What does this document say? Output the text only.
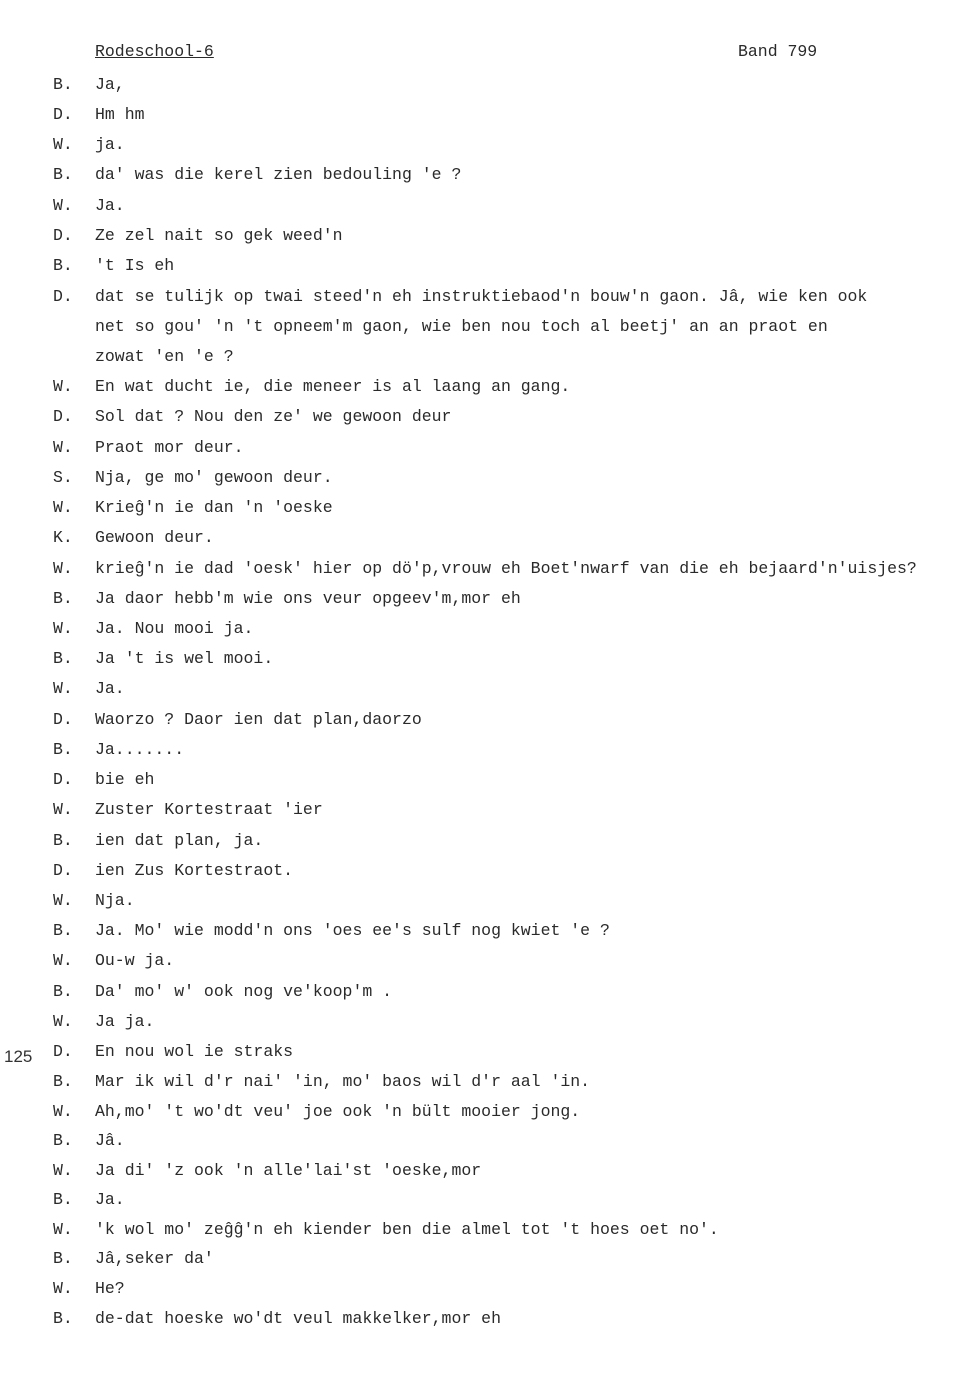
Rodeschool-6	Band 799
125
B. Ja,
D. Hm hm
W. ja.
B. da' was die kerel zien bedouling 'e ?
W. Ja.
D. Ze zel nait so gek weed'n
B. 't Is eh
D. dat se tulijk op twai steed'n eh instruktiebaod'n bouw'n gaon. Jâ, wie ken ook
net so gou' 'n 't opneem'm gaon, wie ben nou toch al beetj' an an praot en
zowat 'en 'e ?
W. En wat ducht ie, die meneer is al laang an gang.
D. Sol dat ? Nou den ze' we gewoon deur
W. Praot mor deur.
S. Nja, ge mo' gewoon deur.
W. Krieĝ'n ie dan 'n 'oeske
K. Gewoon deur.
W. krieĝ'n ie dad 'oesk' hier op dö'p,vrouw eh Boet'nwarf van die eh bejaard'n'uisjes?
B. Ja daor hebb'm wie ons veur opgeev'm,mor eh
W. Ja. Nou mooi ja.
B. Ja 't is wel mooi.
W. Ja.
D. Waorzo ? Daor ien dat plan,daorzo
B. Ja.......
D. bie eh
W. Zuster Kortestraat 'ier
B. ien dat plan, ja.
D. ien Zus Kortestraot.
W. Nja.
B. Ja. Mo' wie modd'n ons 'oes ee's sulf nog kwiet 'e ?
W. Ou-w ja.
B. Da' mo' w' ook nog ve'koop'm .
W. Ja ja.
D. En nou wol ie straks
B. Mar ik wil d'r nai' 'in, mo' baos wil d'r aal 'in.
W. Ah,mo' 't wo'dt veu' joe ook 'n bült mooier jong.
B. Jâ.
W. Ja di' 'z ook 'n alle'lai'st 'oeske,mor
B. Ja.
W. 'k wol mo' zeĝĝ'n eh kiender ben die almel tot 't hoes oet no'.
B. Jâ,seker da'
W. He?
B. de-dat hoeske wo'dt veul makkelker,mor eh
